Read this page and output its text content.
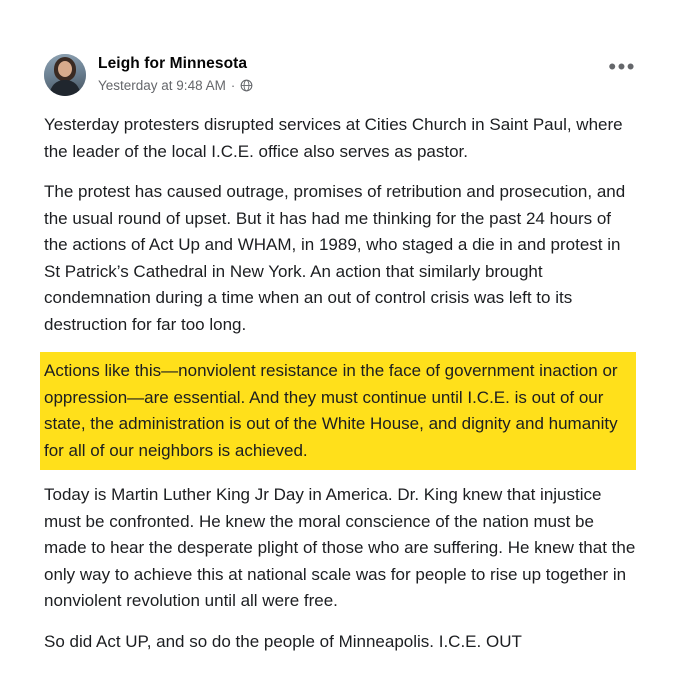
Leigh for Minnesota
Yesterday at 9:48 AM ·
•••

Yesterday protesters disrupted services at Cities Church in Saint Paul, where the leader of the local I.C.E. office also serves as pastor.

The protest has caused outrage, promises of retribution and prosecution, and the usual round of upset. But it has had me thinking for the past 24 hours of the actions of Act Up and WHAM, in 1989, who staged a die in and protest in St Patrick’s Cathedral in New York. An action that similarly brought condemnation during a time when an out of control crisis was left to its destruction for far too long.

Actions like this—nonviolent resistance in the face of government inaction or oppression—are essential. And they must continue until I.C.E. is out of our state, the administration is out of the White House, and dignity and humanity for all of our neighbors is achieved.

Today is Martin Luther King Jr Day in America. Dr. King knew that injustice must be confronted. He knew the moral conscience of the nation must be made to hear the desperate plight of those who are suffering. He knew that the only way to achieve this at national scale was for people to rise up together in nonviolent revolution until all were free.

So did Act UP, and so do the people of Minneapolis. I.C.E. OUT
